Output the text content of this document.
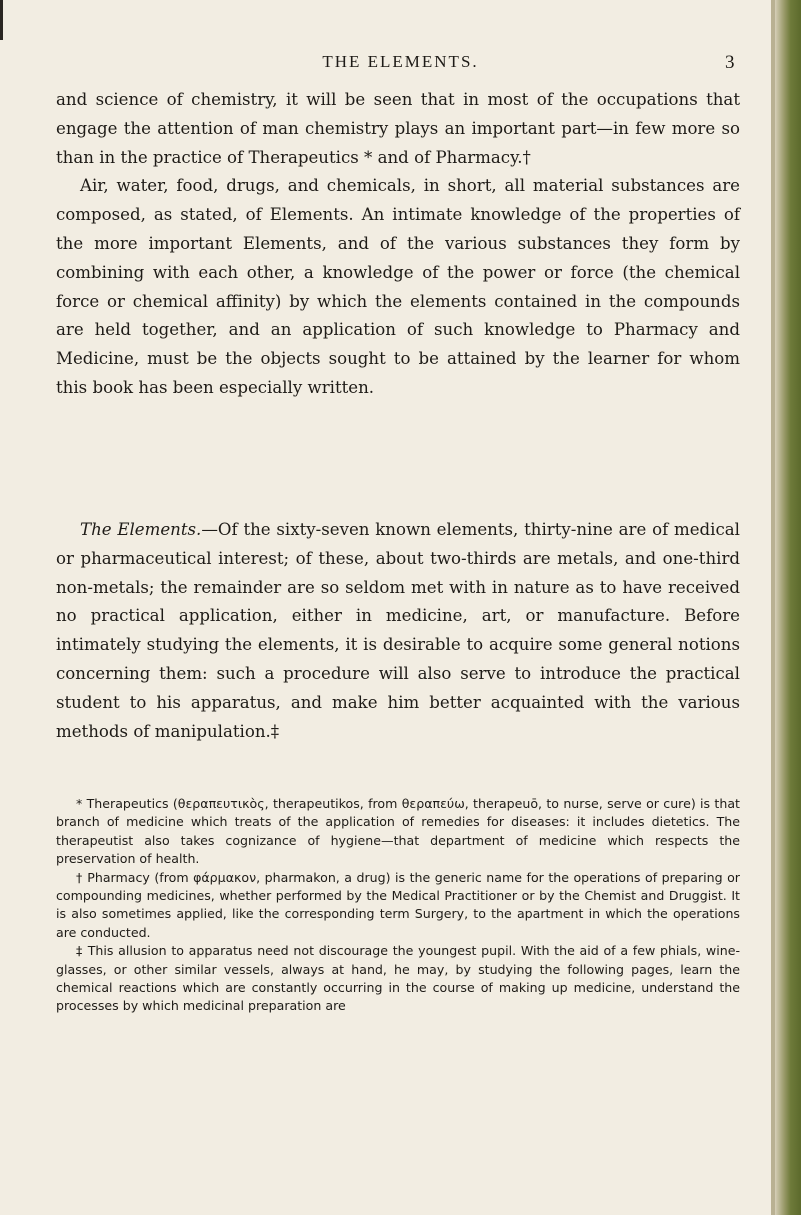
THE ELEMENTS.	3

and science of chemistry, it will be seen that in most of the occupations that engage the attention of man chemistry plays an important part—in few more so than in the practice of Therapeutics * and of Pharmacy.†

Air, water, food, drugs, and chemicals, in short, all material substances are composed, as stated, of Elements. An intimate knowledge of the properties of the more important Elements, and of the various substances they form by combining with each other, a knowledge of the power or force (the chemical force or chemical affinity) by which the elements contained in the compounds are held together, and an application of such knowledge to Pharmacy and Medicine, must be the objects sought to be attained by the learner for whom this book has been especially written.

The Elements.—Of the sixty-seven known elements, thirty-nine are of medical or pharmaceutical interest; of these, about two-thirds are metals, and one-third non-metals; the remainder are so seldom met with in nature as to have received no practical application, either in medicine, art, or manufacture. Before intimately studying the elements, it is desirable to acquire some general notions concerning them: such a procedure will also serve to introduce the practical student to his apparatus, and make him better acquainted with the various methods of manipulation.‡

* Therapeutics (θεραπευτικὸς, therapeutikos, from θεραπεύω, therapeuō, to nurse, serve or cure) is that branch of medicine which treats of the application of remedies for diseases: it includes dietetics. The therapeutist also takes cognizance of hygiene—that department of medicine which respects the preservation of health.

† Pharmacy (from φάρμακον, pharmakon, a drug) is the generic name for the operations of preparing or compounding medicines, whether performed by the Medical Practitioner or by the Chemist and Druggist. It is also sometimes applied, like the corresponding term Surgery, to the apartment in which the operations are conducted.

‡ This allusion to apparatus need not discourage the youngest pupil. With the aid of a few phials, wine-glasses, or other similar vessels, always at hand, he may, by studying the following pages, learn the chemical reactions which are constantly occurring in the course of making up medicine, understand the processes by which medicinal preparation are
